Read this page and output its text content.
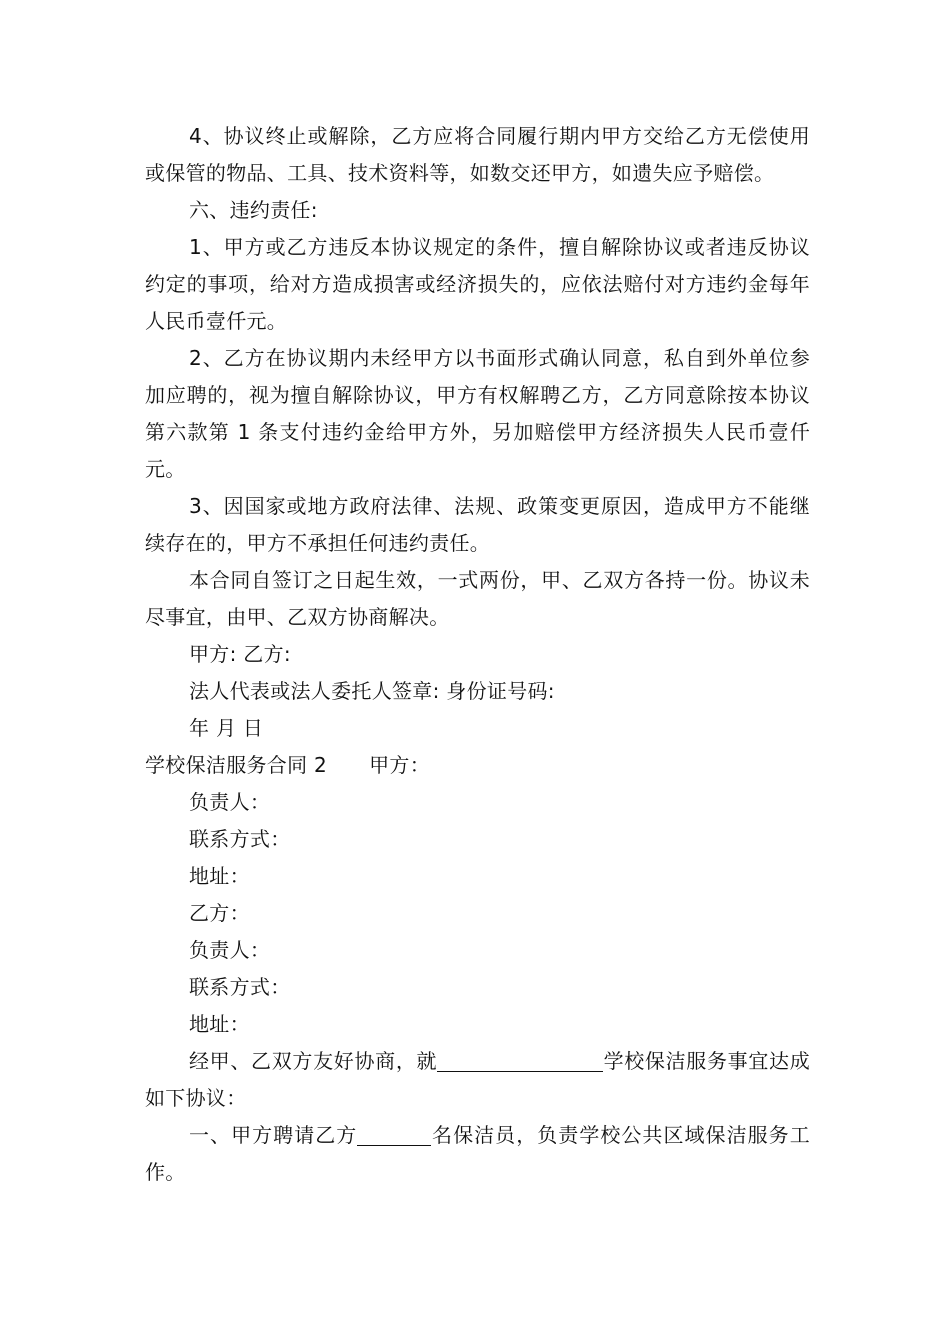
4、协议终止或解除，乙方应将合同履行期内甲方交给乙方无偿使用或保管的物品、工具、技术资料等，如数交还甲方，如遗失应予赔偿。

六、违约责任:

1、甲方或乙方违反本协议规定的条件，擅自解除协议或者违反协议约定的事项，给对方造成损害或经济损失的，应依法赔付对方违约金每年人民币壹仟元。

2、乙方在协议期内未经甲方以书面形式确认同意，私自到外单位参加应聘的，视为擅自解除协议，甲方有权解聘乙方，乙方同意除按本协议第六款第 1 条支付违约金给甲方外，另加赔偿甲方经济损失人民币壹仟元。

3、因国家或地方政府法律、法规、政策变更原因，造成甲方不能继续存在的，甲方不承担任何违约责任。

本合同自签订之日起生效，一式两份，甲、乙双方各持一份。协议未尽事宜，由甲、乙双方协商解决。

甲方: 乙方:
法人代表或法人委托人签章: 身份证号码:
年 月 日
学校保洁服务合同 2 甲方：
负责人：
联系方式：
地址：
乙方：
负责人：
联系方式：
地址：

经甲、乙双方友好协商，就	学校保洁服务事宜达成如下协议：

一、甲方聘请乙方	名保洁员，负责学校公共区域保洁服务工作。
